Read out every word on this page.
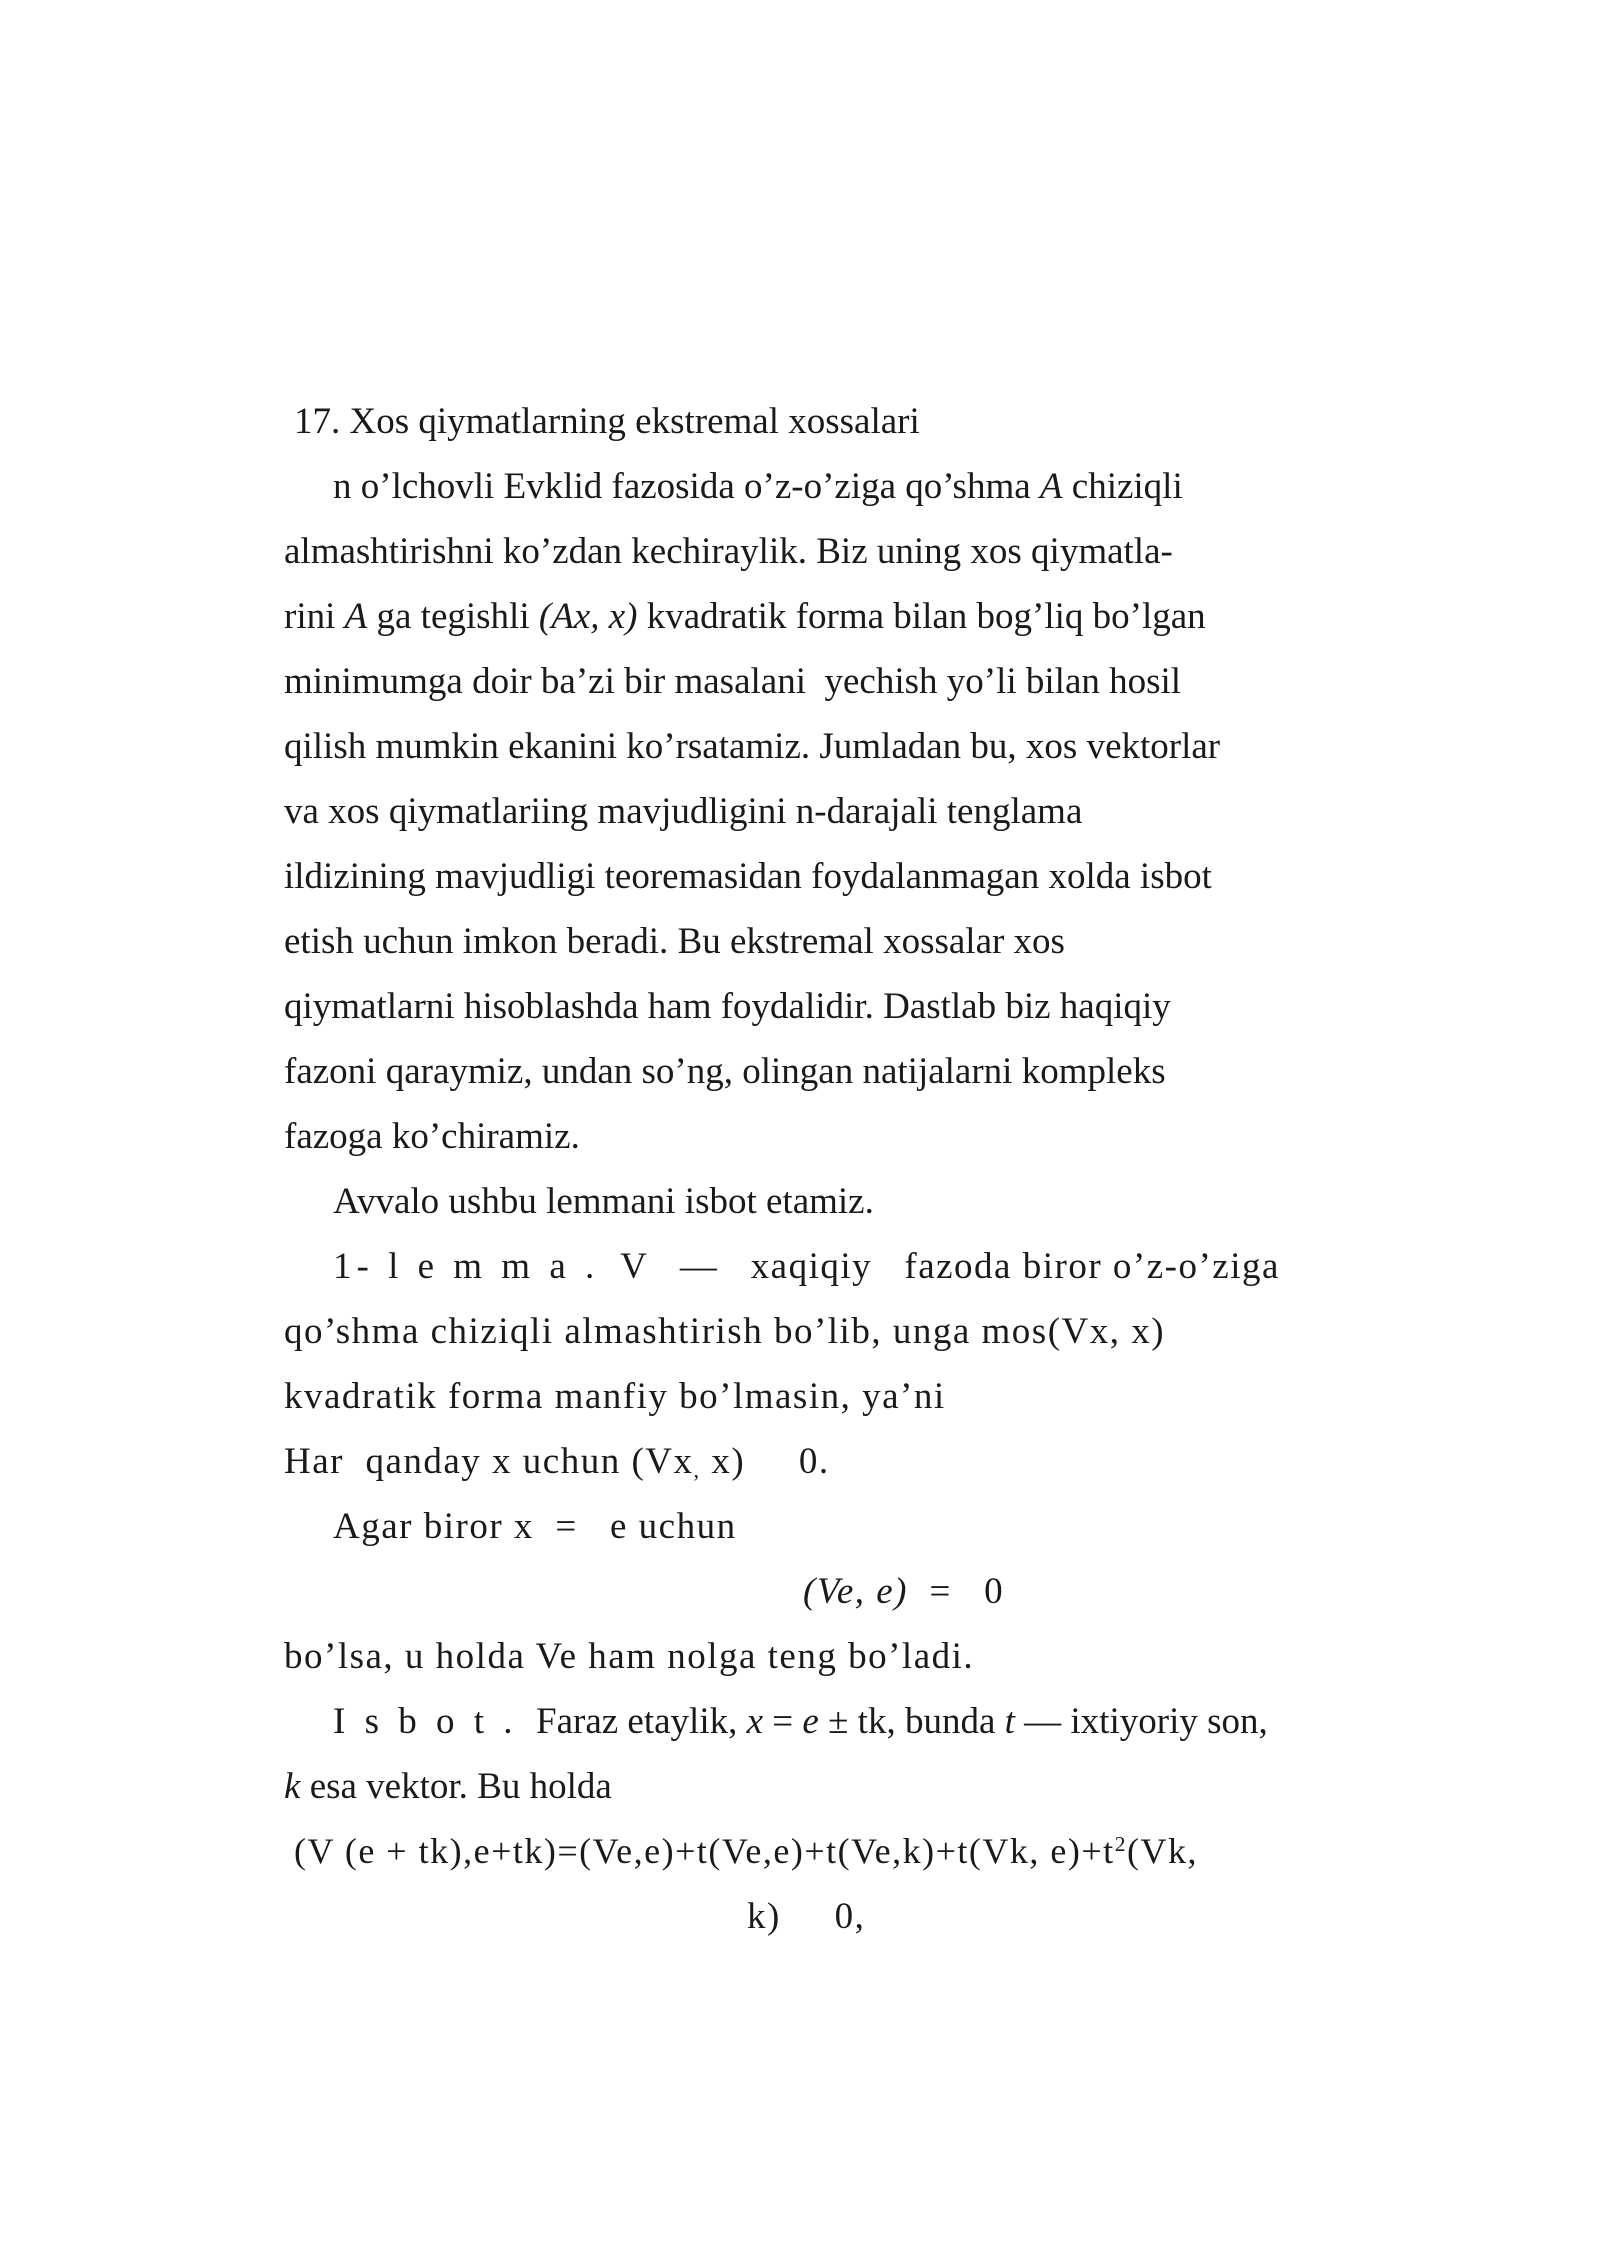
17. Xos qiymatlarning ekstremal xossalari
n o’lchovli Evklid fazosida o’z-o’ziga qo’shma A chiziqli
almashtirishni ko’zdan kechiraylik. Biz uning xos qiymatla-
rini A ga tegishli (Ax, x) kvadratik forma bilan bog’liq bo’lgan
minimumga doir ba’zi bir masalani  yechish yo’li bilan hosil
qilish mumkin ekanini ko’rsatamiz. Jumladan bu, xos vektorlar
va xos qiymatlariing mavjudligini n-darajali tenglama
ildizining mavjudligi teoremasidan foydalanmagan xolda isbot
etish uchun imkon beradi. Bu ekstremal xossalar xos
qiymatlarni hisoblashda ham foydalidir. Dastlab biz haqiqiy
fazoni qaraymiz, undan so’ng, olingan natijalarni kompleks
fazoga ko’chiramiz.
Avvalo ushbu lemmani isbot etamiz.
1- l e m m a .  V   —   xaqiqiy   fazoda biror o’z-o’ziga
qo’shma chiziqli almashtirish bo’lib, unga mos(Vx, x)
kvadratik forma manfiy bo’lmasin, ya’ni
Har  qanday x uchun ($Vx_,$ x)     0.
Agar biror x  =   e uchun
(Ve, e)  =   0
bo’lsa, u holda Ve ham nolga teng bo’ladi.
I s b o t .  Faraz etaylik, x = e ± tk, bunda t — ixtiyoriy son,
k esa vektor. Bu holda
(V (e + tk),e+tk)=(Ve,e)+t(Ve,e)+t(Ve,k)+t(Vk, $e)+t^2(Vk$,
k)     0,
